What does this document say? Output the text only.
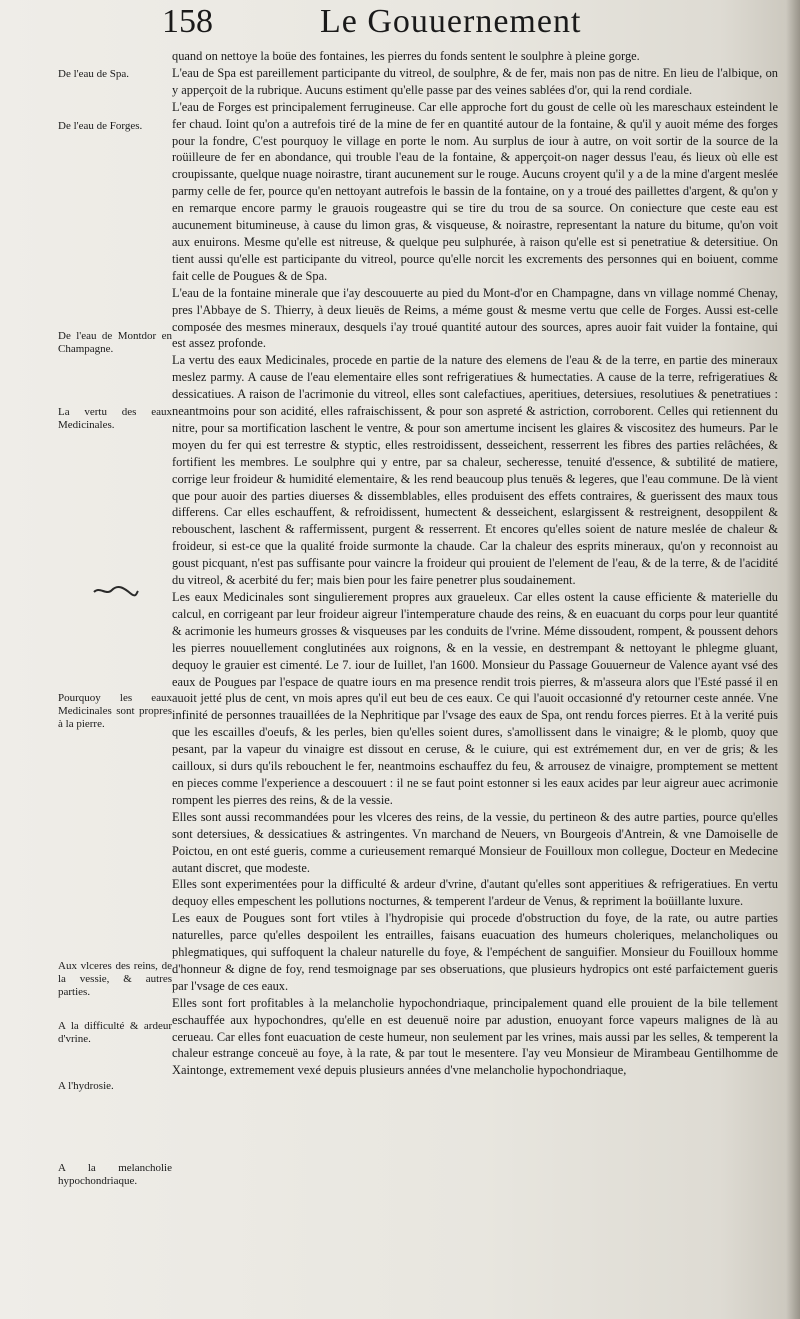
158	Le Gouuernement
De l'eau de Spa.
De l'eau de Forges.
De l'eau de Montdor en Champagne.
La vertu des eaux Medicinales.
Pourquoy les eaux Medicinales sont propres à la pierre.
Aux vlceres des reins, de la vessie, & autres parties.
A la difficulté & ardeur d'vrine.
A l'hydrosie.
A la melancholie hypochondriaque.

quand on nettoye la boüe des fontaines, les pierres du fonds sentent le soulphre à pleine gorge.

L'eau de Spa est pareillement participante du vitreol, de soulphre, & de fer, mais non pas de nitre. En lieu de l'albique, on y apperçoit de la rubrique. Aucuns estiment qu'elle passe par des veines sablées d'or, qui la rend cordiale.

L'eau de Forges est principalement ferrugineuse. Car elle approche fort du goust de celle où les mareschaux esteindent le fer chaud. Ioint qu'on a autrefois tiré de la mine de fer en quantité autour de la fontaine, & qu'il y auoit méme des forges pour la fondre, C'est pourquoy le village en porte le nom. Au surplus de iour à autre, on voit sortir de la source de la roüilleure de fer en abondance, qui trouble l'eau de la fontaine, & apperçoit-on nager dessus l'eau, és lieux où elle est croupissante, quelque nuage noirastre, tirant aucunement sur le rouge. Aucuns croyent qu'il y a de la mine d'argent meslée parmy celle de fer, pource qu'en nettoyant autrefois le bassin de la fontaine, on y a troué des paillettes d'argent, & qu'on y en remarque encore parmy le grauois rougeastre qui se tire du trou de sa source. On coniecture que ceste eau est aucunement bitumineuse, à cause du limon gras, & visqueuse, & noirastre, representant la nature du bitume, qu'on voit aux enuirons. Mesme qu'elle est nitreuse, & quelque peu sulphurée, à raison qu'elle est si penetratiue & detersitiue. On tient aussi qu'elle est participante du vitreol, pource qu'elle norcit les excrements des personnes qui en boiuent, comme fait celle de Pougues & de Spa.

L'eau de la fontaine minerale que i'ay descouuerte au pied du Mont-d'or en Champagne, dans vn village nommé Chenay, pres l'Abbaye de S. Thierry, à deux lieuës de Reims, a méme goust & mesme vertu que celle de Forges. Aussi est-celle composée des mesmes mineraux, desquels i'ay troué quantité autour des sources, apres auoir fait vuider la fontaine, qui est assez profonde.

La vertu des eaux Medicinales, procede en partie de la nature des elemens de l'eau & de la terre, en partie des mineraux meslez parmy. A cause de l'eau elementaire elles sont refrigeratiues & humectaties. A cause de la terre, refrigeratiues & dessicatiues. A raison de l'acrimonie du vitreol, elles sont calefactiues, aperitiues, detersiues, resolutiues & penetratiues : neantmoins pour son acidité, elles rafraischissent, & pour son aspreté & astriction, corroborent. Celles qui retiennent du nitre, pour sa mortification laschent le ventre, & pour son amertume incisent les glaires & viscositez des humeurs. Par le moyen du fer qui est terrestre & styptic, elles restroidissent, desseichent, resserrent les fibres des parties relâchées, & fortifient les membres. Le soulphre qui y entre, par sa chaleur, secheresse, tenuité d'essence, & subtilité de matiere, corrige leur froideur & humidité elementaire, & les rend beaucoup plus tenuës & legeres, que l'eau commune. De là vient que pour auoir des parties diuerses & dissemblables, elles produisent des effets contraires, & guerissent des maux tous differens. Car elles eschauffent, & refroidissent, humectent & desseichent, eslargissent & restreignent, desoppilent & rebouschent, laschent & raffermissent, purgent & resserrent. Et encores qu'elles soient de nature meslée de chaleur & froideur, si est-ce que la qualité froide surmonte la chaude. Car la chaleur des esprits mineraux, qu'on y reconnoist au goust picquant, n'est pas suffisante pour vaincre la froideur qui prouient de l'element de l'eau, & de la terre, & de l'acidité du vitreol, & acerbité du fer; mais bien pour les faire penetrer plus soudainement.

Les eaux Medicinales sont singulierement propres aux graueleux. Car elles ostent la cause efficiente & materielle du calcul, en corrigeant par leur froideur aigreur l'intemperature chaude des reins, & en euacuant du corps pour leur quantité & acrimonie les humeurs grosses & visqueuses par les conduits de l'vrine. Méme dissoudent, rompent, & poussent dehors les pierres nouuellement conglutinées aux roignons, & en la vessie, en destrempant & nettoyant le phlegme gluant, dequoy le grauier est cimenté. Le 7. iour de Iuillet, l'an 1600. Monsieur du Passage Gouuerneur de Valence ayant vsé des eaux de Pougues par l'espace de quatre iours en ma presence rendit trois pierres, & m'asseura alors que l'Esté passé il en auoit jetté plus de cent, vn mois apres qu'il eut beu de ces eaux. Ce qui l'auoit occasionné d'y retourner ceste année. Vne infinité de personnes trauaillées de la Nephritique par l'vsage des eaux de Spa, ont rendu forces pierres. Et à la verité puis que les escailles d'oeufs, & les perles, bien qu'elles soient dures, s'amollissent dans le vinaigre; & le plomb, quoy que pesant, par la vapeur du vinaigre est dissout en ceruse, & le cuiure, qui est extrémement dur, en ver de gris; & les cailloux, si durs qu'ils rebouchent le fer, neantmoins eschauffez du feu, & arrousez de vinaigre, promptement se mettent en pieces comme l'experience a descouuert : il ne se faut point estonner si les eaux acides par leur aigreur auec acrimonie rompent les pierres des reins, & de la vessie.

Elles sont aussi recommandées pour les vlceres des reins, de la vessie, du pertineon & des autre parties, pource qu'elles sont detersiues, & dessicatiues & astringentes. Vn marchand de Neuers, vn Bourgeois d'Antrein, & vne Damoiselle de Poictou, en ont esté gueris, comme a curieusement remarqué Monsieur de Fouilloux mon collegue, Docteur en Medecine autant discret, que modeste.

Elles sont experimentées pour la difficulté & ardeur d'vrine, d'autant qu'elles sont apperitiues & refrigeratiues. En vertu dequoy elles empeschent les pollutions nocturnes, & temperent l'ardeur de Venus, & repriment la boüillante luxure.

Les eaux de Pougues sont fort vtiles à l'hydropisie qui procede d'obstruction du foye, de la rate, ou autre parties naturelles, parce qu'elles despoilent les entrailles, faisans euacuation des humeurs choleriques, melancholiques ou phlegmatiques, qui suffoquent la chaleur naturelle du foye, & l'empéchent de sanguifier. Monsieur du Fouilloux homme d'honneur & digne de foy, rend tesmoignage par ses obseruations, que plusieurs hydropics ont esté parfaictement gueris par l'vsage de ces eaux.

Elles sont fort profitables à la melancholie hypochondriaque, principalement quand elle prouient de la bile tellement eschauffée aux hypochondres, qu'elle en est deuenuë noire par adustion, enuoyant force vapeurs malignes de là au cerueau. Car elles font euacuation de ceste humeur, non seulement par les vrines, mais aussi par les selles, & temperent la chaleur estrange conceuë au foye, à la rate, & par tout le mesentere. I'ay veu Monsieur de Mirambeau Gentilhomme de Xaintonge, extremement vexé depuis plusieurs années d'vne melancholie hypochondriaque,
